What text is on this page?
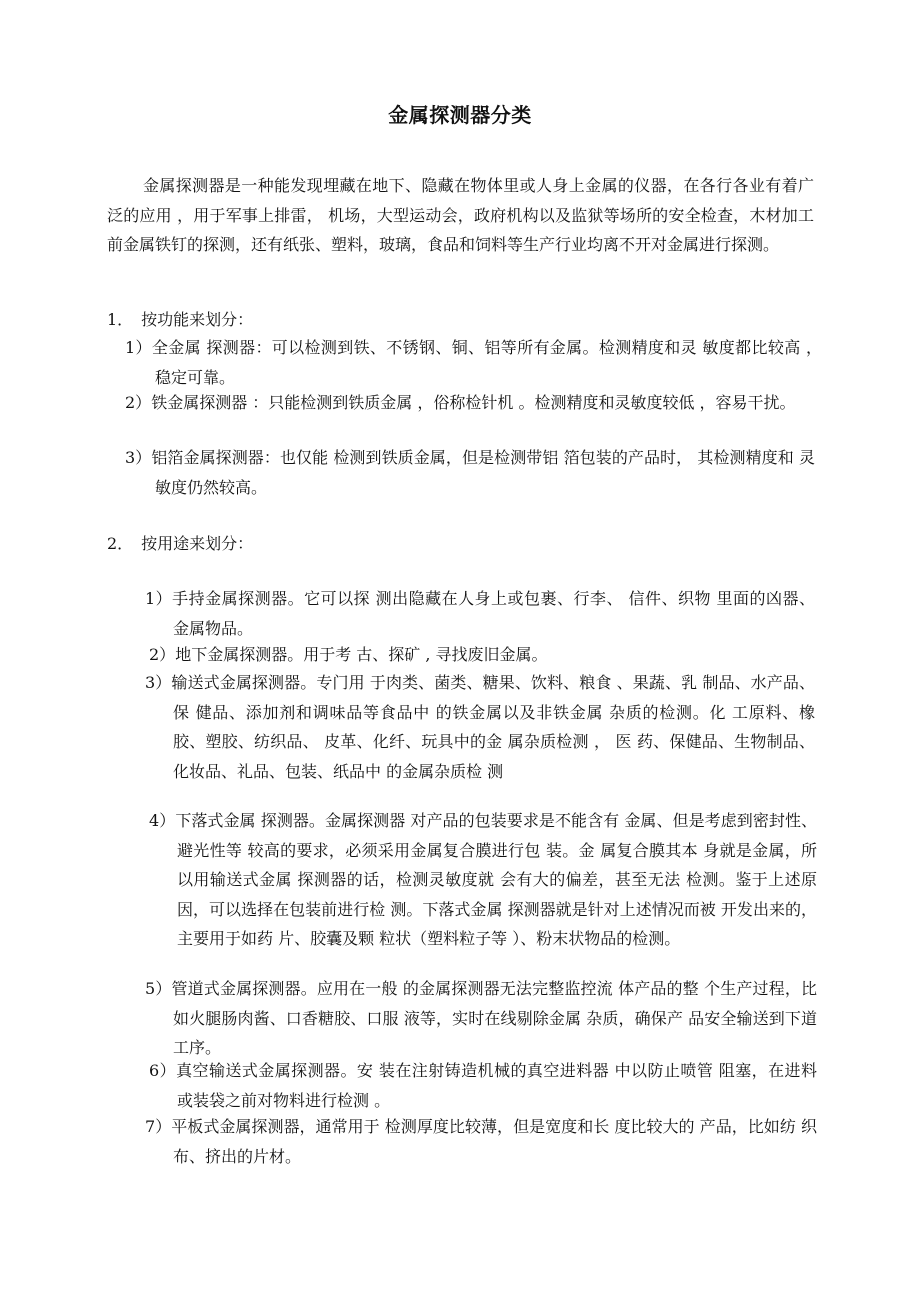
金属探测器分类

金属探测器是一种能发现埋藏在地下、隐藏在物体里或人身上金属的仪器，在各行各业有着广泛的应用 ，用于军事上排雷， 机场，大型运动会，政府机构以及监狱等场所的安全检查，木材加工前金属铁钉的探测，还有纸张、塑料，玻璃，食品和饲料等生产行业均离不开对金属进行探测。

1．　按功能来划分：

1）全金属 探测器：可以检测到铁、不锈钢、铜、铝等所有金属。检测精度和灵 敏度都比较高 ，稳定可靠。

2）铁金属探测器 ：只能检测到铁质金属 ，俗称检针机 。检测精度和灵敏度较低 ，容易干扰。

3）铝箔金属探测器：也仅能 检测到铁质金属，但是检测带铝 箔包装的产品时， 其检测精度和 灵敏度仍然较高。

2．　按用途来划分：

1）手持金属探测器。它可以探 测出隐藏在人身上或包裹、行李、 信件、织物 里面的凶器、 金属物品。

2）地下金属探测器。用于考 古、探矿 , 寻找废旧金属。

3）输送式金属探测器。专门用 于肉类、菌类、糖果、饮料、粮食 、果蔬、乳 制品、水产品、保 健品、添加剂和调味品等食品中 的铁金属以及非铁金属 杂质的检测。化 工原料、橡胶、塑胶、纺织品、 皮革、化纤、玩具中的金 属杂质检测 ， 医 药、保健品、生物制品、化妆品、礼品、包装、纸品中 的金属杂质检 测

4）下落式金属 探测器。金属探测器 对产品的包装要求是不能含有 金属、但是考虑到密封性、避光性等 较高的要求，必须采用金属复合膜进行包 装。金 属复合膜其本 身就是金属，所以用输送式金属 探测器的话，检测灵敏度就 会有大的偏差，甚至无法 检测。鉴于上述原因，可以选择在包装前进行检 测。下落式金属 探测器就是针对上述情况而被 开发出来的，主要用于如药 片、胶囊及颗 粒状（塑料粒子等 ）、粉末状物品的检测。

5）管道式金属探测器。应用在一般 的金属探测器无法完整监控流 体产品的整 个生产过程，比 如火腿肠肉酱、口香糖胶、口服 液等，实时在线剔除金属 杂质，确保产 品安全输送到下道工序。

6）真空输送式金属探测器。安 装在注射铸造机械的真空进料器 中以防止喷管 阻塞，在进料 或装袋之前对物料进行检测 。

7）平板式金属探测器，通常用于 检测厚度比较薄，但是宽度和长 度比较大的 产品，比如纺 织布、挤出的片材。
